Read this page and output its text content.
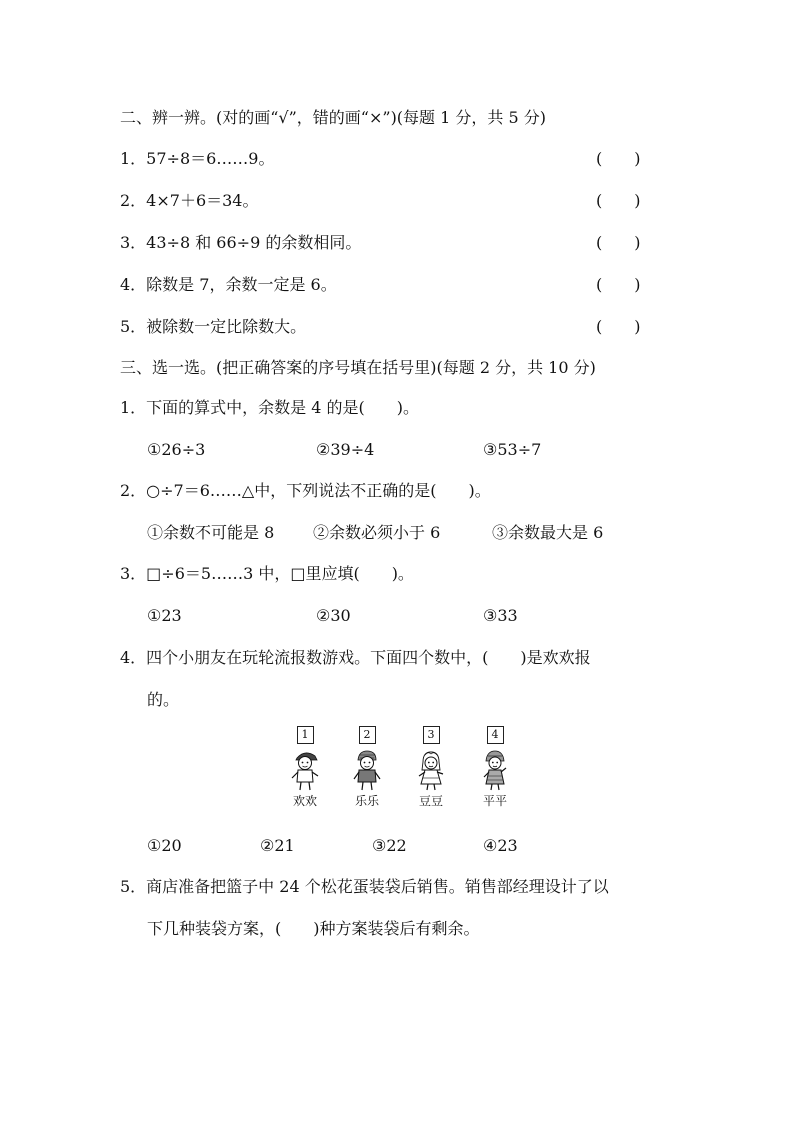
二、辨一辨。(对的画“√”，错的画“×”)(每题 1 分，共 5 分)
1．57÷8＝6……9。	(　　)
2．4×7＋6＝34。	(　　)
3．43÷8 和 66÷9 的余数相同。	(　　)
4．除数是 7，余数一定是 6。	(　　)
5．被除数一定比除数大。	(　　)
三、选一选。(把正确答案的序号填在括号里)(每题 2 分，共 10 分)
1．下面的算式中，余数是 4 的是(　　)。
①26÷3	②39÷4	③53÷7
2．○÷7＝6……△中，下列说法不正确的是(　　)。
①余数不可能是 8 ②余数必须小于 6	③余数最大是 6
3．□÷6＝5……3 中，□里应填(　　)。
①23	②30	③33
4．四个小朋友在玩轮流报数游戏。下面四个数中，(　　)是欢欢报
的。
1
欢欢
2
乐乐
3
豆豆
4
平平
①20	②21	③22	④23
5．商店准备把篮子中 24 个松花蛋装袋后销售。销售部经理设计了以
下几种装袋方案，(　　)种方案装袋后有剩余。
